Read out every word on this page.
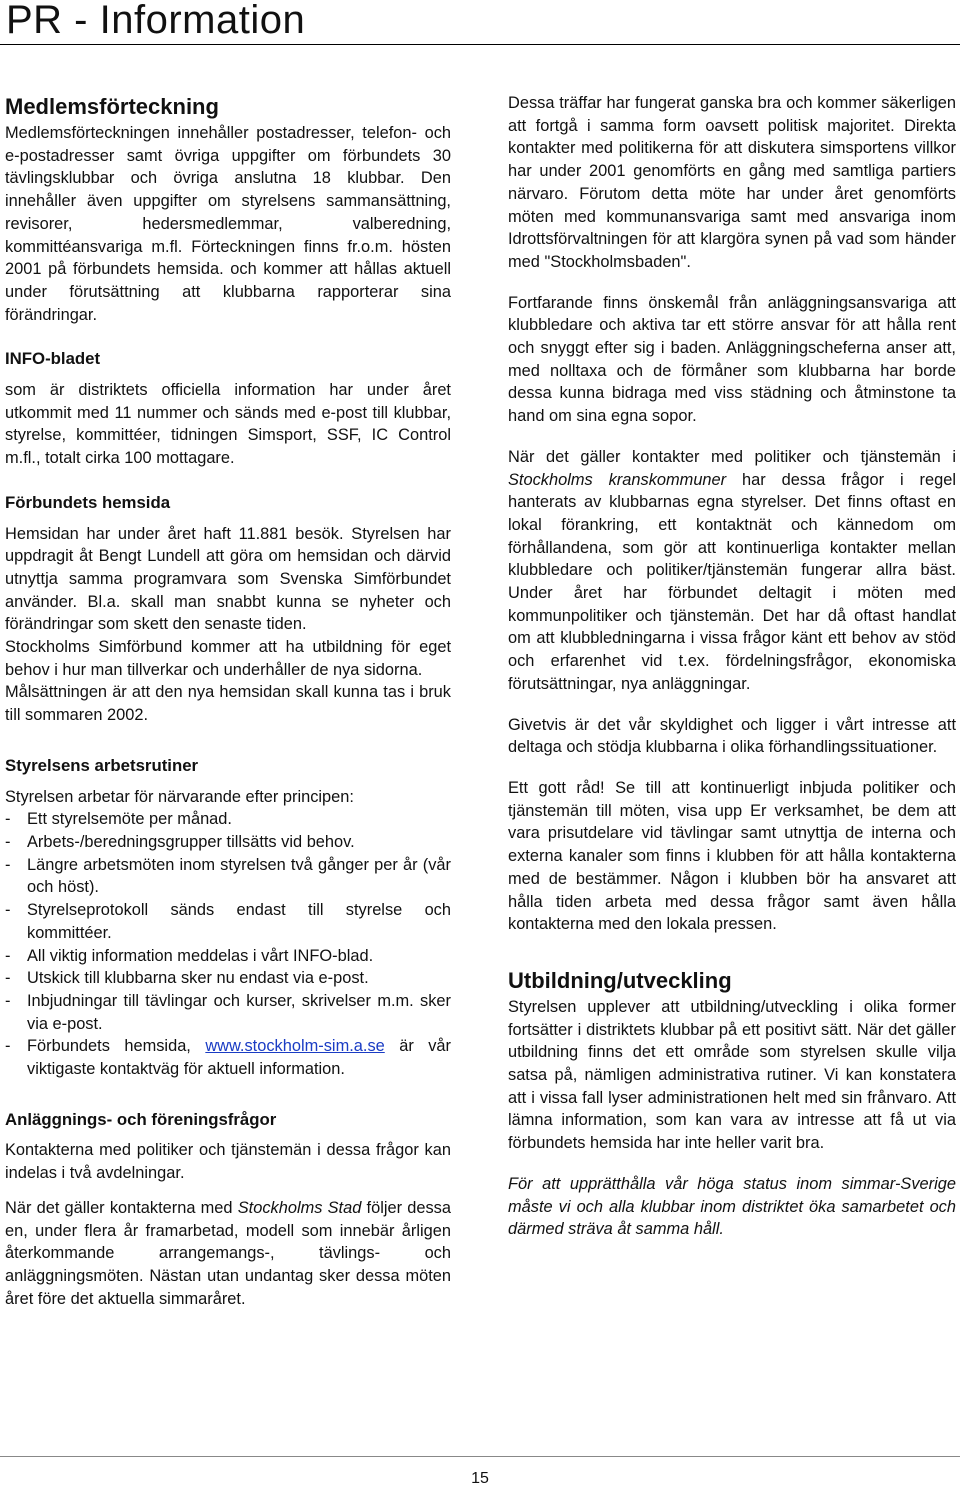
PR - Information
Medlemsförteckning

Medlemsförteckningen innehåller postadresser, telefon- och e-postadresser samt övriga uppgifter om förbundets 30 tävlingsklubbar och övriga anslutna 18 klubbar. Den innehåller även uppgifter om styrelsens sammansättning, revisorer, hedersmedlemmar, valberedning, kommittéansvariga m.fl. Förteckningen finns fr.o.m. hösten 2001 på förbundets hemsida. och kommer att hållas aktuell under förutsättning att klubbarna rapporterar sina förändringar.

INFO-bladet

som är distriktets officiella information har under året utkommit med 11 nummer och sänds med e-post till klubbar, styrelse, kommittéer, tidningen Simsport, SSF, IC Control m.fl., totalt cirka 100 mottagare.

Förbundets hemsida

Hemsidan har under året haft 11.881 besök. Styrelsen har uppdragit åt Bengt Lundell att göra om hemsidan och därvid utnyttja samma programvara som Svenska Simförbundet använder. Bl.a. skall man snabbt kunna se nyheter och förändringar som skett den senaste tiden.

Stockholms Simförbund kommer att ha utbildning för eget behov i hur man tillverkar och underhåller de nya sidorna.

Målsättningen är att den nya hemsidan skall kunna tas i bruk till sommaren 2002.

Styrelsens arbetsrutiner

Styrelsen arbetar för närvarande efter principen:

- Ett styrelsemöte per månad.
- Arbets-/beredningsgrupper tillsätts vid behov.
- Längre arbetsmöten inom styrelsen två gånger per år (vår och höst).
- Styrelseprotokoll sänds endast till styrelse och kommittéer.
- All viktig information meddelas i vårt INFO-blad.
- Utskick till klubbarna sker nu endast via e-post.
- Inbjudningar till tävlingar och kurser, skrivelser m.m. sker via e-post.
- Förbundets hemsida, www.stockholm-sim.a.se är vår viktigaste kontaktväg för aktuell information.
Anläggnings- och föreningsfrågor

Kontakterna med politiker och tjänstemän i dessa frågor kan indelas i två avdelningar.

När det gäller kontakterna med Stockholms Stad följer dessa en, under flera år framarbetad, modell som innebär årligen återkommande arrangemangs-, tävlings- och anläggningsmöten. Nästan utan undantag sker dessa möten året före det aktuella simmaråret.

Dessa träffar har fungerat ganska bra och kommer säkerligen att fortgå i samma form oavsett politisk majoritet. Direkta kontakter med politikerna för att diskutera simsportens villkor har under 2001 genomförts en gång med samtliga partiers närvaro. Förutom detta möte har under året genomförts möten med kommunansvariga samt med ansvariga inom Idrottsförvaltningen för att klargöra synen på vad som händer med "Stockholmsbaden".

Fortfarande finns önskemål från anläggningsansvariga att klubbledare och aktiva tar ett större ansvar för att hålla rent och snyggt efter sig i baden. Anläggningscheferna anser att, med nolltaxa och de förmåner som klubbarna har borde dessa kunna bidraga med viss städning och åtminstone ta hand om sina egna sopor.

När det gäller kontakter med politiker och tjänstemän i Stockholms kranskommuner har dessa frågor i regel hanterats av klubbarnas egna styrelser. Det finns oftast en lokal förankring, ett kontaktnät och kännedom om förhållandena, som gör att kontinuerliga kontakter mellan klubbledare och politiker/tjänstemän fungerar allra bäst. Under året har förbundet deltagit i möten med kommunpolitiker och tjänstemän. Det har då oftast handlat om att klubbledningarna i vissa frågor känt ett behov av stöd och erfarenhet vid t.ex. fördelningsfrågor, ekonomiska förutsättningar, nya anläggningar.

Givetvis är det vår skyldighet och ligger i vårt intresse att deltaga och stödja klubbarna i olika förhandlingssituationer.

Ett gott råd! Se till att kontinuerligt inbjuda politiker och tjänstemän till möten, visa upp Er verksamhet, be dem att vara prisutdelare vid tävlingar samt utnyttja de interna och externa kanaler som finns i klubben för att hålla kontakterna med de bestämmer. Någon i klubben bör ha ansvaret att hålla tiden arbeta med dessa frågor samt även hålla kontakterna med den lokala pressen.

Utbildning/utveckling

Styrelsen upplever att utbildning/utveckling i olika former fortsätter i distriktets klubbar på ett positivt sätt. När det gäller utbildning finns det ett område som styrelsen skulle vilja satsa på, nämligen administrativa rutiner. Vi kan konstatera att i vissa fall lyser administrationen helt med sin frånvaro. Att lämna information, som kan vara av intresse att få ut via förbundets hemsida har inte heller varit bra.

För att upprätthålla vår höga status inom simmar-Sverige måste vi och alla klubbar inom distriktet öka samarbetet och därmed sträva åt samma håll.

15
